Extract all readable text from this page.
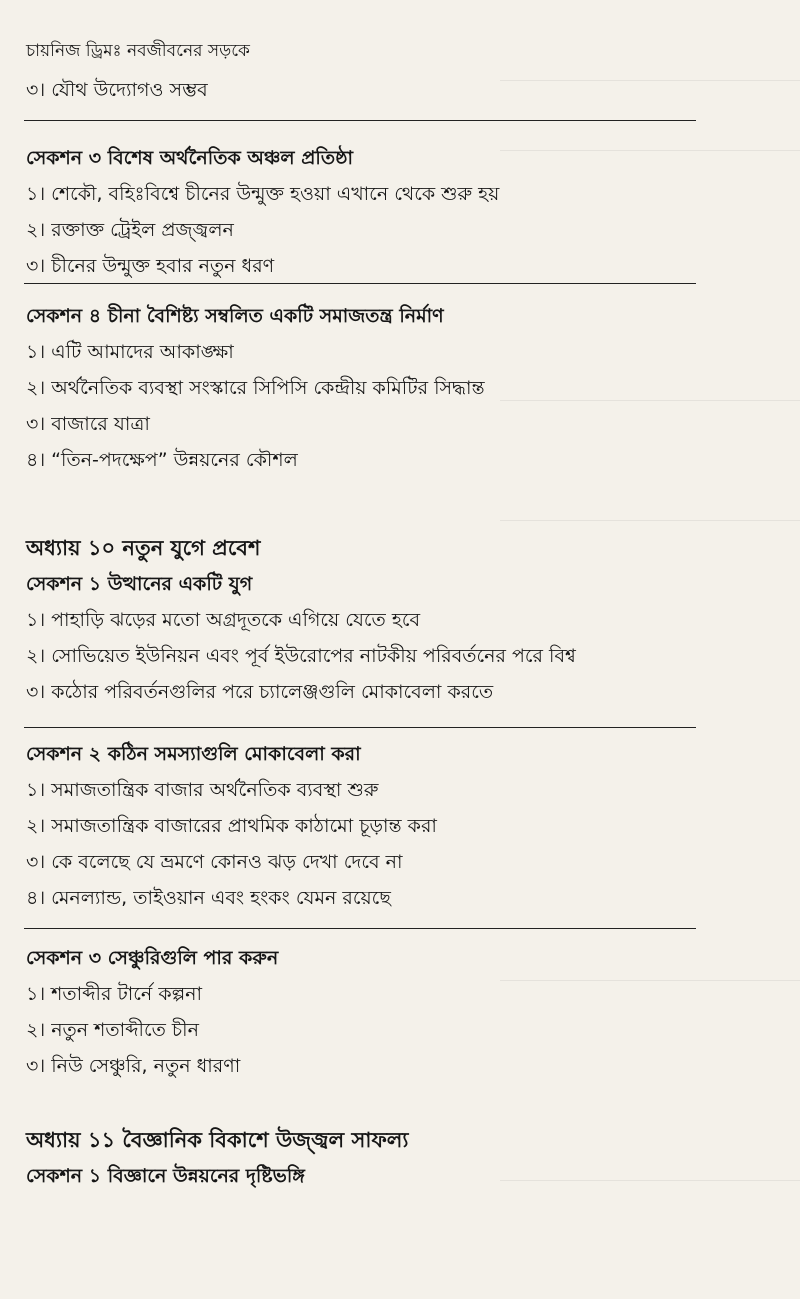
চায়নিজ ড্রিমঃ নবজীবনের সড়কে
৩। যৌথ উদ্যোগও সম্ভব
সেকশন ৩ বিশেষ অর্থনৈতিক অঞ্চল প্রতিষ্ঠা
১। শেকৌ, বহিঃবিশ্বে চীনের উন্মুক্ত হওয়া এখানে থেকে শুরু হয়
২। রক্তাক্ত ট্রেইল প্রজ্জ্বলন
৩। চীনের উন্মুক্ত হবার নতুন ধরণ
সেকশন ৪ চীনা বৈশিষ্ট্য সম্বলিত একটি সমাজতন্ত্র নির্মাণ
১। এটি আমাদের আকাঙ্ক্ষা
২। অর্থনৈতিক ব্যবস্থা সংস্কারে সিপিসি কেন্দ্রীয় কমিটির সিদ্ধান্ত
৩। বাজারে যাত্রা
৪। “তিন-পদক্ষেপ” উন্নয়নের কৌশল
অধ্যায় ১০ নতুন যুগে প্রবেশ
সেকশন ১ উত্থানের একটি যুগ
১। পাহাড়ি ঝড়ের মতো অগ্রদূতকে এগিয়ে যেতে হবে
২। সোভিয়েত ইউনিয়ন এবং পূর্ব ইউরোপের নাটকীয় পরিবর্তনের পরে বিশ্ব
৩। কঠোর পরিবর্তনগুলির পরে চ্যালেঞ্জগুলি মোকাবেলা করতে
সেকশন ২ কঠিন সমস্যাগুলি মোকাবেলা করা
১। সমাজতান্ত্রিক বাজার অর্থনৈতিক ব্যবস্থা শুরু
২। সমাজতান্ত্রিক বাজারের প্রাথমিক কাঠামো চূড়ান্ত করা
৩। কে বলেছে যে ভ্রমণে কোনও ঝড় দেখা দেবে না
৪। মেনল্যান্ড, তাইওয়ান এবং হংকং যেমন রয়েছে
সেকশন ৩ সেঞ্চুরিগুলি পার করুন
১। শতাব্দীর টার্নে কল্পনা
২। নতুন শতাব্দীতে চীন
৩। নিউ সেঞ্চুরি, নতুন ধারণা
অধ্যায় ১১ বৈজ্ঞানিক বিকাশে উজ্জ্বল সাফল্য
সেকশন ১ বিজ্ঞানে উন্নয়নের দৃষ্টিভঙ্গি
